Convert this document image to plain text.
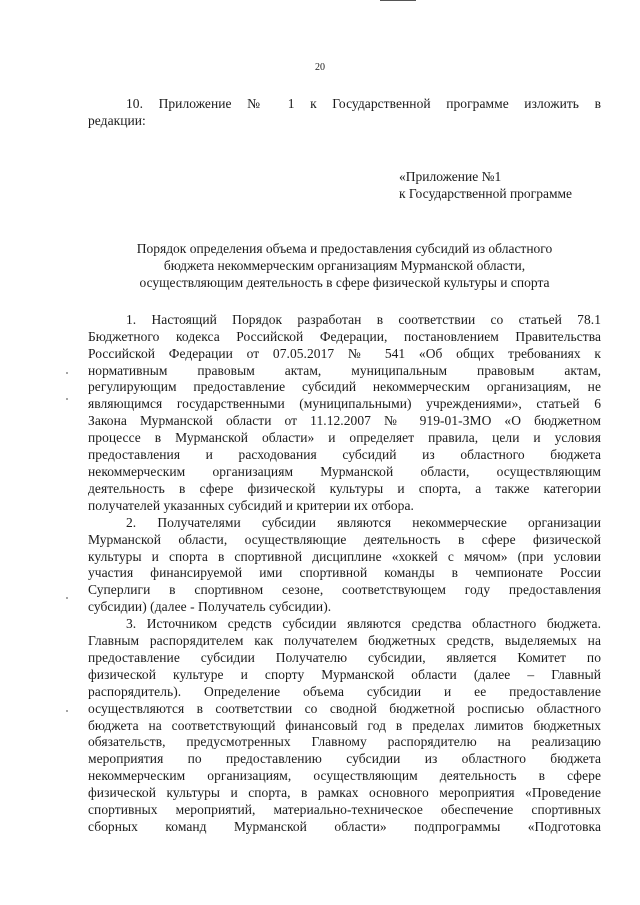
20
10. Приложение № 1 к Государственной программе изложить в
редакции:
«Приложение №1
к Государственной программе
Порядок определения объема и предоставления субсидий из областного
бюджета некоммерческим организациям Мурманской области,
осуществляющим деятельность в сфере физической культуры и спорта
1. Настоящий Порядок разработан в соответствии со статьей 78.1
Бюджетного кодекса Российской Федерации, постановлением Правительства
Российской Федерации от 07.05.2017 № 541 «Об общих требованиях к
нормативным правовым актам, муниципальным правовым актам,
регулирующим предоставление субсидий некоммерческим организациям, не
являющимся государственными (муниципальными) учреждениями», статьей 6
Закона Мурманской области от 11.12.2007 № 919-01-ЗМО «О бюджетном
процессе в Мурманской области» и определяет правила, цели и условия
предоставления и расходования субсидий из областного бюджета
некоммерческим организациям Мурманской области, осуществляющим
деятельность в сфере физической культуры и спорта, а также категории
получателей указанных субсидий и критерии их отбора.
2. Получателями субсидии являются некоммерческие организации
Мурманской области, осуществляющие деятельность в сфере физической
культуры и спорта в спортивной дисциплине «хоккей с мячом» (при условии
участия финансируемой ими спортивной команды в чемпионате России
Суперлиги в спортивном сезоне, соответствующем году предоставления
субсидии) (далее - Получатель субсидии).
3. Источником средств субсидии являются средства областного бюджета.
Главным распорядителем как получателем бюджетных средств, выделяемых на
предоставление субсидии Получателю субсидии, является Комитет по
физической культуре и спорту Мурманской области (далее – Главный
распорядитель). Определение объема субсидии и ее предоставление
осуществляются в соответствии со сводной бюджетной росписью областного
бюджета на соответствующий финансовый год в пределах лимитов бюджетных
обязательств, предусмотренных Главному распорядителю на реализацию
мероприятия по предоставлению субсидии из областного бюджета
некоммерческим организациям, осуществляющим деятельность в сфере
физической культуры и спорта, в рамках основного мероприятия «Проведение
спортивных мероприятий, материально-техническое обеспечение спортивных
сборных команд Мурманской области» подпрограммы «Подготовка
